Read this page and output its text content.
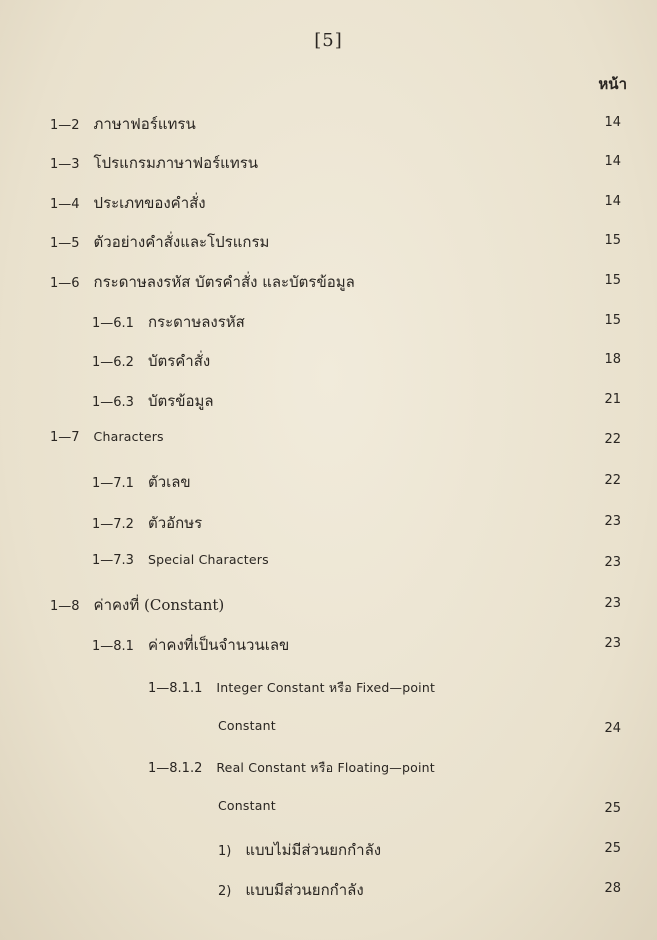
[5]
หน้า
1—2 ภาษาฟอร์แทรน	14
1—3 โปรแกรมภาษาฟอร์แทรน	14
1—4 ประเภทของคำสั่ง	14
1—5 ตัวอย่างคำสั่งและโปรแกรม	15
1—6 กระดาษลงรหัส บัตรคำสั่ง และบัตรข้อมูล	15
1—6.1 กระดาษลงรหัส	15
1—6.2 บัตรคำสั่ง	18
1—6.3 บัตรข้อมูล	21
1—7 Characters	22
1—7.1 ตัวเลข	22
1—7.2 ตัวอักษร	23
1—7.3 Special Characters	23
1—8 ค่าคงที่ (Constant)	23
1—8.1 ค่าคงที่เป็นจำนวนเลข	23
1—8.1.1 Integer Constant หรือ Fixed—point
Constant	24
1—8.1.2 Real Constant หรือ Floating—point
Constant	25
1) แบบไม่มีส่วนยกกำลัง	25
2) แบบมีส่วนยกกำลัง	28
